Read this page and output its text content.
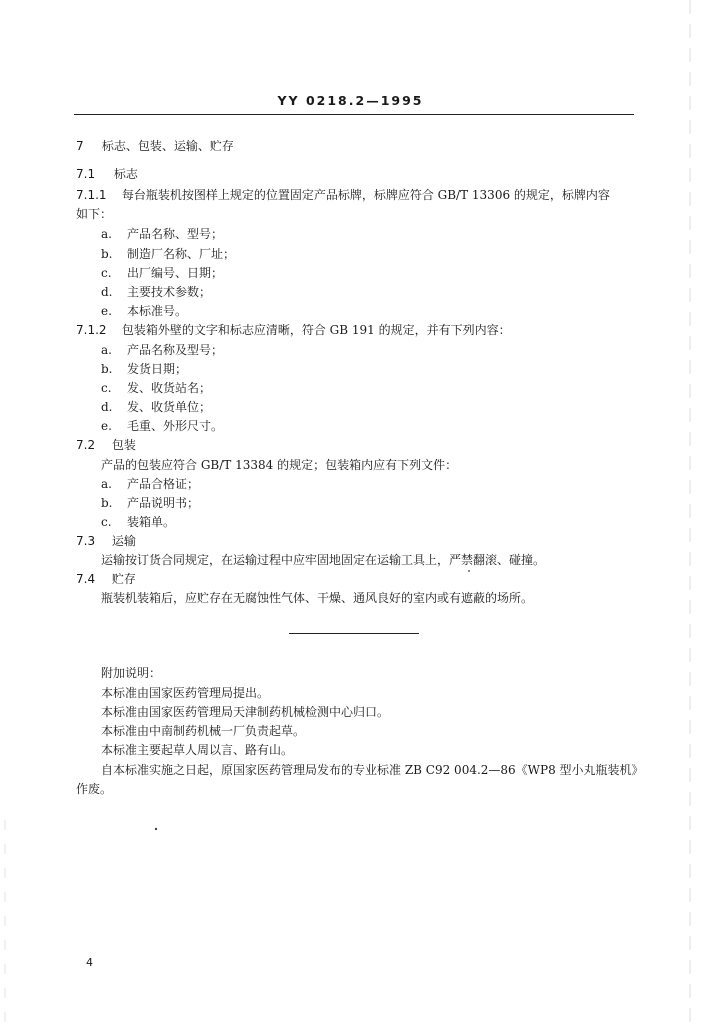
YY 0218.2—1995
7 标志、包装、运输、贮存
7.1 标志
7.1.1 每台瓶装机按图样上规定的位置固定产品标牌，标牌应符合 GB/T 13306 的规定，标牌内容
如下：
a. 产品名称、型号；
b. 制造厂名称、厂址；
c. 出厂编号、日期；
d. 主要技术参数；
e. 本标准号。
7.1.2 包装箱外壁的文字和标志应清晰，符合 GB 191 的规定，并有下列内容：
a. 产品名称及型号；
b. 发货日期；
c. 发、收货站名；
d. 发、收货单位；
e. 毛重、外形尺寸。
7.2 包装
产品的包装应符合 GB/T 13384 的规定；包装箱内应有下列文件：
a. 产品合格证；
b. 产品说明书；
c. 装箱单。
7.3 运输
运输按订货合同规定，在运输过程中应牢固地固定在运输工具上，严禁翻滚、碰撞。
7.4 贮存
瓶装机装箱后，应贮存在无腐蚀性气体、干燥、通风良好的室内或有遮蔽的场所。
附加说明：
本标准由国家医药管理局提出。
本标准由国家医药管理局天津制药机械检测中心归口。
本标准由中南制药机械一厂负责起草。
本标准主要起草人周以言、路有山。
自本标准实施之日起，原国家医药管理局发布的专业标准 ZB C92 004.2—86《WP8 型小丸瓶装机》
作废。
4
